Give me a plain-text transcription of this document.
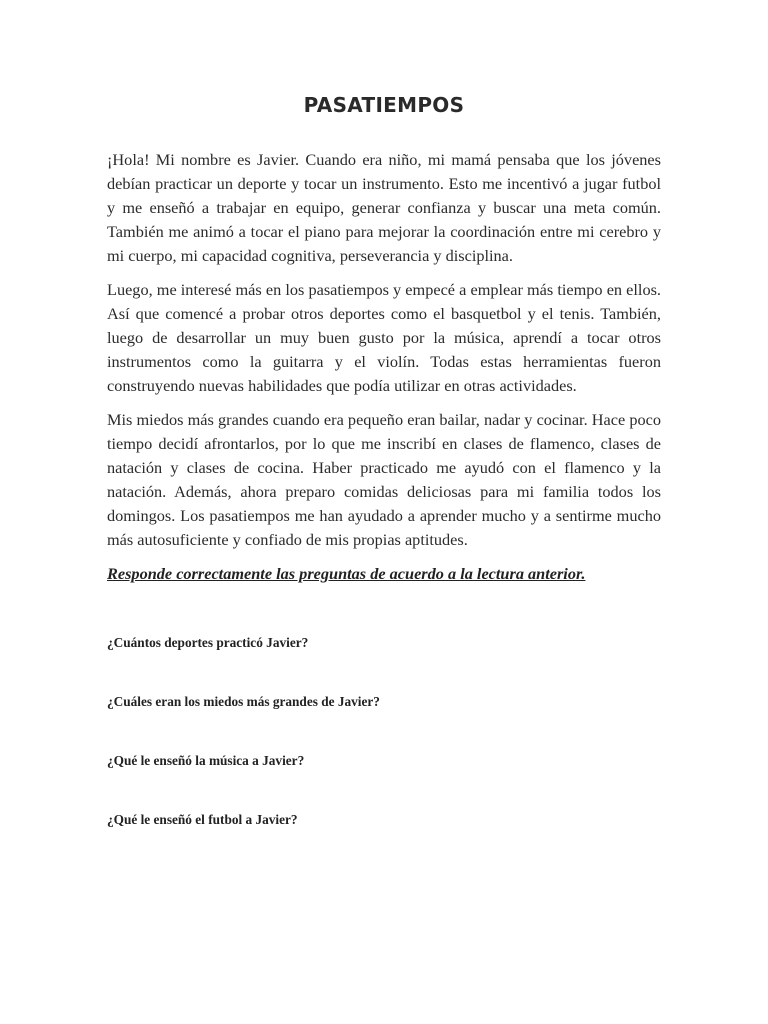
PASATIEMPOS

¡Hola! Mi nombre es Javier. Cuando era niño, mi mamá pensaba que los jóvenes debían practicar un deporte y tocar un instrumento. Esto me incentivó a jugar futbol y me enseñó a trabajar en equipo, generar confianza y buscar una meta común. También me animó a tocar el piano para mejorar la coordinación entre mi cerebro y mi cuerpo, mi capacidad cognitiva, perseverancia y disciplina.

Luego, me interesé más en los pasatiempos y empecé a emplear más tiempo en ellos. Así que comencé a probar otros deportes como el basquetbol y el tenis. También, luego de desarrollar un muy buen gusto por la música, aprendí a tocar otros instrumentos como la guitarra y el violín. Todas estas herramientas fueron construyendo nuevas habilidades que podía utilizar en otras actividades.

Mis miedos más grandes cuando era pequeño eran bailar, nadar y cocinar. Hace poco tiempo decidí afrontarlos, por lo que me inscribí en clases de flamenco, clases de natación y clases de cocina. Haber practicado me ayudó con el flamenco y la natación. Además, ahora preparo comidas deliciosas para mi familia todos los domingos. Los pasatiempos me han ayudado a aprender mucho y a sentirme mucho más autosuficiente y confiado de mis propias aptitudes.

Responde correctamente las preguntas de acuerdo a la lectura anterior.

¿Cuántos deportes practicó Javier?

¿Cuáles eran los miedos más grandes de Javier?

¿Qué le enseñó la música a Javier?

¿Qué le enseñó el futbol a Javier?
